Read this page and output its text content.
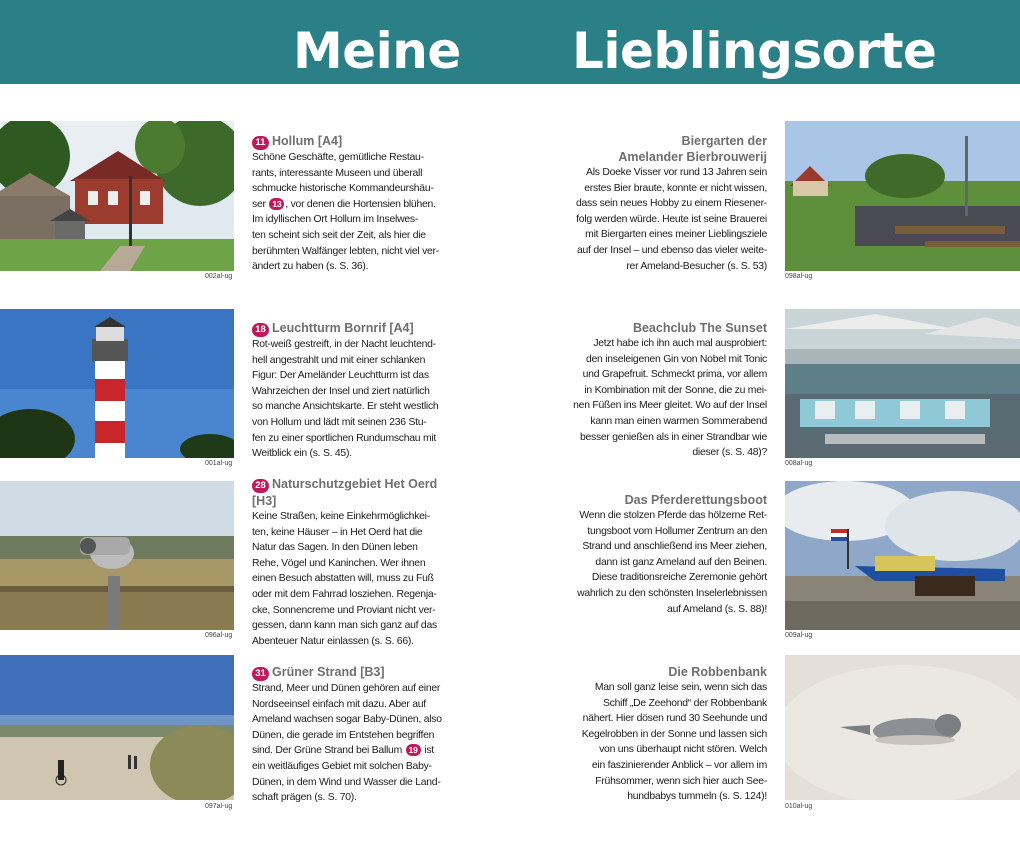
Meine Lieblingsorte
002al-ug
001al-ug
096al-ug
097al-ug
098al-ug
008al-ug
009al-ug
010al-ug
11 Hollum [A4]
Schöne Geschäfte, gemütliche Restau-
rants, interessante Museen und überall
schmucke historische Kommandeurshäu-
ser 13 , vor denen die Hortensien blühen.
Im idyllischen Ort Hollum im Inselwes-
ten scheint sich seit der Zeit, als hier die
berühmten Walfänger lebten, nicht viel ver-
ändert zu haben (s. S. 36).
18 Leuchtturm Bornrif [A4]
Rot-weiß gestreift, in der Nacht leuchtend-
hell angestrahlt und mit einer schlanken
Figur: Der Ameländer Leuchtturm ist das
Wahrzeichen der Insel und ziert natürlich
so manche Ansichtskarte. Er steht westlich
von Hollum und lädt mit seinen 236 Stu-
fen zu einer sportlichen Rundumschau mit
Weitblick ein (s. S. 45).
28 Naturschutzgebiet Het Oerd [H3]
Keine Straßen, keine Einkehrmöglichkei-
ten, keine Häuser – in Het Oerd hat die
Natur das Sagen. In den Dünen leben
Rehe, Vögel und Kaninchen. Wer ihnen
einen Besuch abstatten will, muss zu Fuß
oder mit dem Fahrrad losziehen. Regenja-
cke, Sonnencreme und Proviant nicht ver-
gessen, dann kann man sich ganz auf das
Abenteuer Natur einlassen (s. S. 66).
31 Grüner Strand [B3]
Strand, Meer und Dünen gehören auf einer
Nordseeinsel einfach mit dazu. Aber auf
Ameland wachsen sogar Baby-Dünen, also
Dünen, die gerade im Entstehen begriffen
sind. Der Grüne Strand bei Ballum 19 ist
ein weitläufiges Gebiet mit solchen Baby-
Dünen, in dem Wind und Wasser die Land-
schaft prägen (s. S. 70).
Biergarten der
Amelander Bierbrouwerij
Als Doeke Visser vor rund 13 Jahren sein
erstes Bier braute, konnte er nicht wissen,
dass sein neues Hobby zu einem Riesener-
folg werden würde. Heute ist seine Brauerei
mit Biergarten eines meiner Lieblingsziele
auf der Insel – und ebenso das vieler weite-
rer Ameland-Besucher (s. S. 53)
Beachclub The Sunset
Jetzt habe ich ihn auch mal ausprobiert:
den inseleigenen Gin von Nobel mit Tonic
und Grapefruit. Schmeckt prima, vor allem
in Kombination mit der Sonne, die zu mei-
nen Füßen ins Meer gleitet. Wo auf der Insel
kann man einen warmen Sommerabend
besser genießen als in einer Strandbar wie
dieser (s. S. 48)?
Das Pferderettungsboot
Wenn die stolzen Pferde das hölzerne Ret-
tungsboot vom Hollumer Zentrum an den
Strand und anschließend ins Meer ziehen,
dann ist ganz Ameland auf den Beinen.
Diese traditionsreiche Zeremonie gehört
wahrlich zu den schönsten Inselerlebnissen
auf Ameland (s. S. 88)!
Die Robbenbank
Man soll ganz leise sein, wenn sich das
Schiff „De Zeehond“ der Robbenbank
nähert. Hier dösen rund 30 Seehunde und
Kegelrobben in der Sonne und lassen sich
von uns überhaupt nicht stören. Welch
ein faszinierender Anblick – vor allem im
Frühsommer, wenn sich hier auch See-
hundbabys tummeln (s. S. 124)!
